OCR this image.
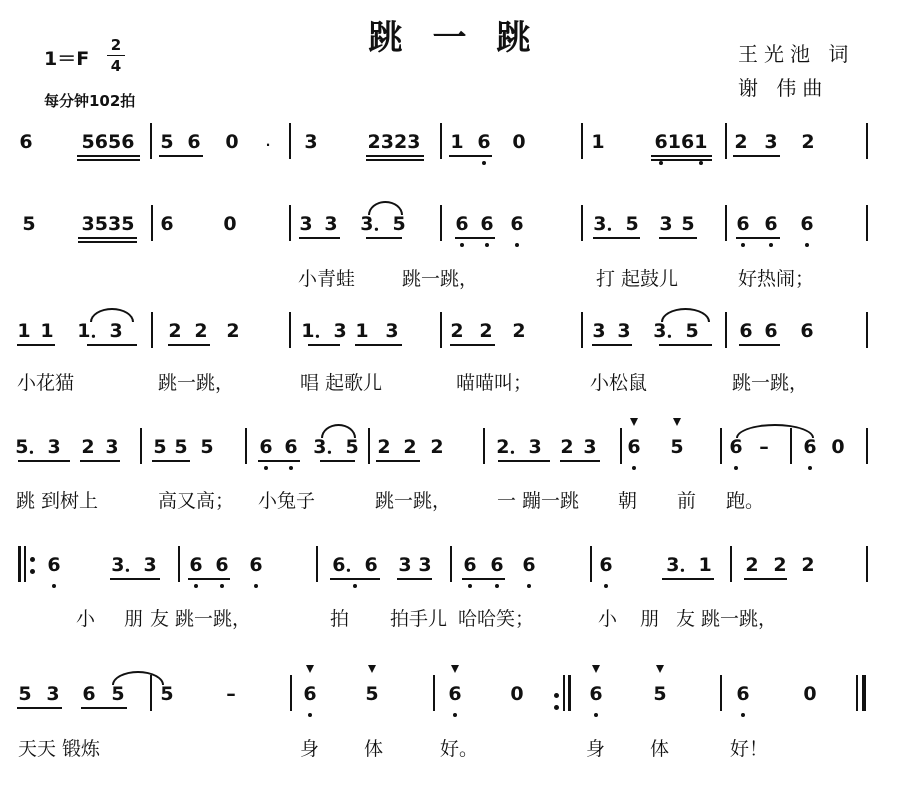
跳一跳
1＝F
2
4
每分钟102拍
王光池 词
谢 伟曲
6	5656 5 6 0	3	2323 1 6 0	1	6161 2 3 2
.
5 3535 6	0	3 3 3．5	6 6 6	3．5 3 5 6 6 6
小青蛙 跳一跳，	打 起鼓儿	好热闹；
1 1 1．3 2 2 2	1．3 1 3	2 2 2	3 3 3．5 6 6 6
小花猫	跳一跳，	唱 起歌儿	喵喵叫；	小松鼠	跳一跳，
5．3 2 3 5 5 5 6 6 3．5 2 2 2	2．3 2 3 6 5 6 – 6 0
跳 到树上	高又高； 小兔子	跳一跳， 一 蹦一跳 朝 前 跑。
6	3．3 6 6 6	6．6 3 3 6 6 6	6	3．1 2 2 2
小 朋 友 跳一跳，	拍 拍手儿 哈哈笑；	小 朋 友 跳一跳，
5 3 6 5 5	–	6	5	6	0	6	5	6	0
天天 锻炼	身 体	好。	身 体	好！
